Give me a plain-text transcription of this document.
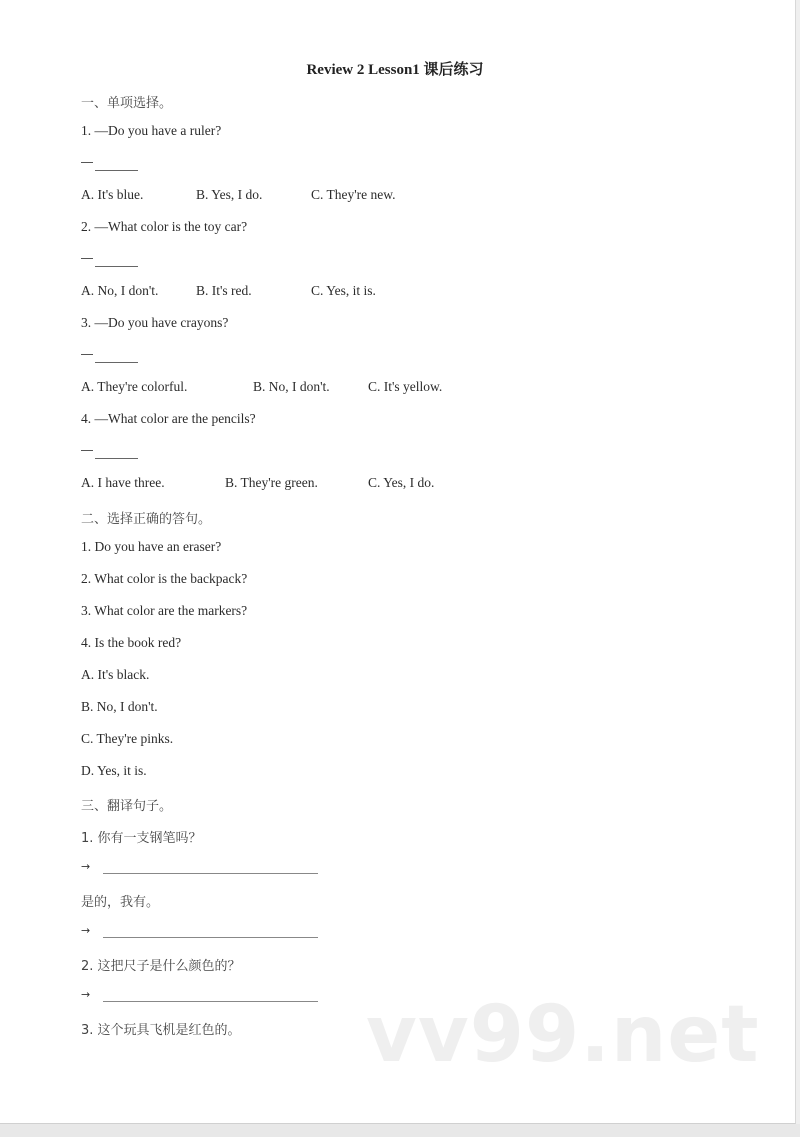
Review 2 Lesson1 课后练习
一、单项选择。
1. —Do you have a ruler?
A. It's blue.	B. Yes, I do.	C. They're new.
2. —What color is the toy car?
A. No, I don't.	B. It's red.	C. Yes, it is.
3. —Do you have crayons?
A. They're colorful.	B. No, I don't.	C. It's yellow.
4. —What color are the pencils?
A. I have three.	B. They're green.	C. Yes, I do.
二、选择正确的答句。
1. Do you have an eraser?
2. What color is the backpack?
3. What color are the markers?
4. Is the book red?
A. It's black.
B. No, I don't.
C. They're pinks.
D. Yes, it is.
三、翻译句子。
1. 你有一支钢笔吗？
→
是的，我有。
→
2. 这把尺子是什么颜色的？
→
3. 这个玩具飞机是红色的。 vv99.net
